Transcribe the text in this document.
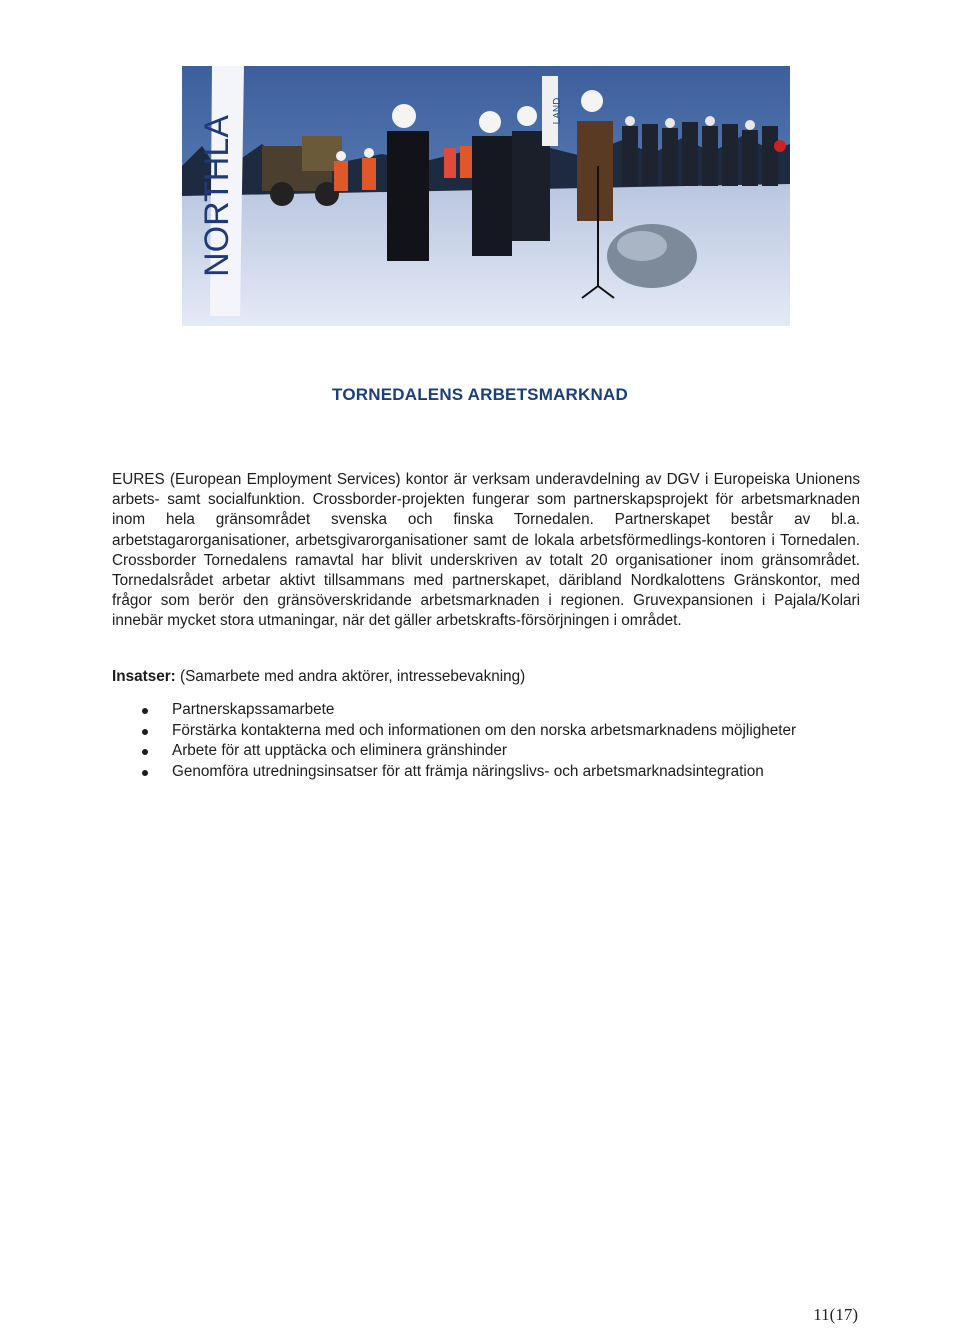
LAND
NORTHLA
TORNEDALENS ARBETSMARKNAD

EURES (European Employment Services) kontor är verksam underavdelning av DGV i Europeiska Unionens arbets- samt socialfunktion. Crossborder-projekten fungerar som partnerskapsprojekt för arbetsmarknaden inom hela gränsområdet svenska och finska Tornedalen. Partnerskapet består av bl.a. arbetstagarorganisationer, arbetsgivarorganisationer samt de lokala arbetsförmedlings-kontoren i Tornedalen. Crossborder Tornedalens ramavtal har blivit underskriven av totalt 20 organisationer inom gränsområdet. Tornedalsrådet arbetar aktivt tillsammans med partnerskapet, däribland Nordkalottens Gränskontor, med frågor som berör den gränsöverskridande arbetsmarknaden i regionen. Gruvexpansionen i Pajala/Kolari innebär mycket stora utmaningar, när det gäller arbetskrafts-försörjningen i området.

Insatser: (Samarbete med andra aktörer, intressebevakning)

Partnerskapssamarbete
Förstärka kontakterna med och informationen om den norska arbetsmarknadens möjligheter
Arbete för att upptäcka och eliminera gränshinder
Genomföra utredningsinsatser för att främja näringslivs- och arbetsmarknadsintegration
11(17)
